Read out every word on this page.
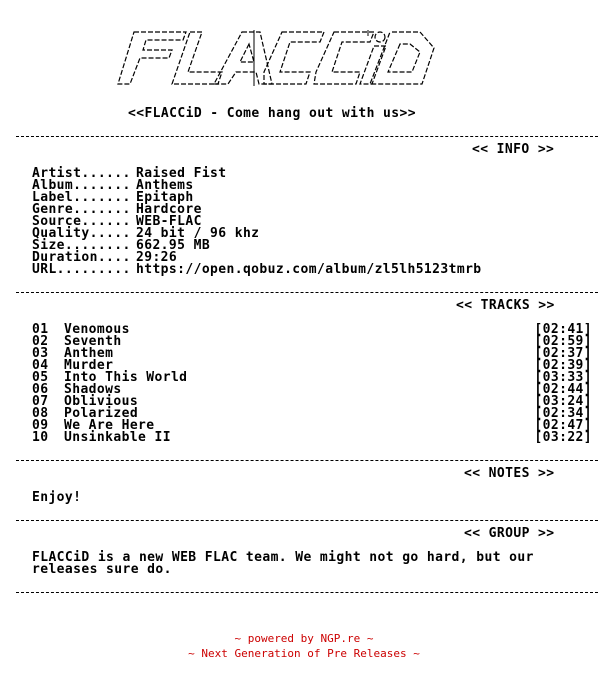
<<FLACCiD - Come hang out with us>>
<< INFO >>
Artist...... Raised Fist
Album....... Anthems
Label....... Epitaph
Genre....... Hardcore
Source...... WEB-FLAC
Quality..... 24 bit / 96 khz
Size........ 662.95 MB
Duration.... 29:26
URL......... https://open.qobuz.com/album/zl5lh5123tmrb
<< TRACKS >>
01 Venomous	[02:41]
02 Seventh	[02:59]
03 Anthem	[02:37]
04 Murder	[02:39]
05 Into This World	[03:33]
06 Shadows	[02:44]
07 Oblivious	[03:24]
08 Polarized	[02:34]
09 We Are Here	[02:47]
10 Unsinkable II	[03:22]
<< NOTES >>
Enjoy!
<< GROUP >>
FLACCiD is a new WEB FLAC team. We might not go hard, but our releases sure do.
~ powered by NGP.re ~
~ Next Generation of Pre Releases ~
